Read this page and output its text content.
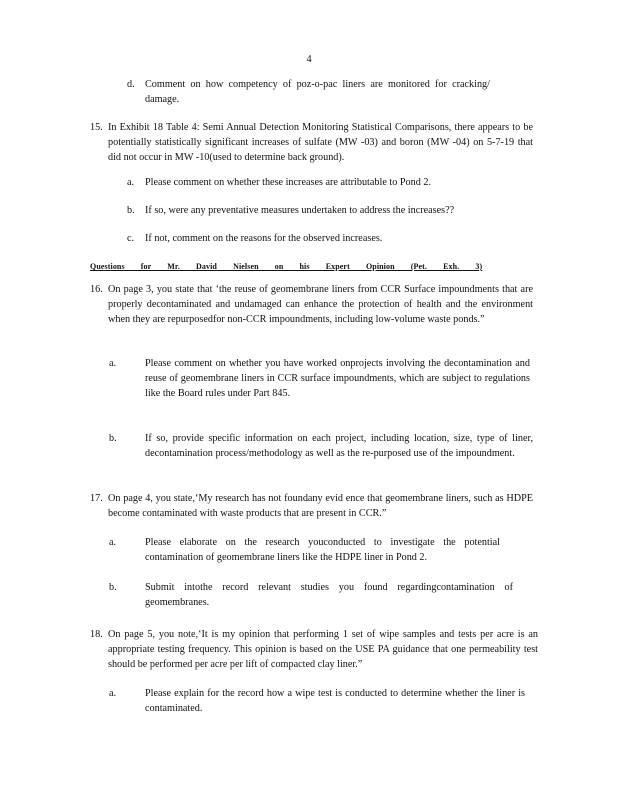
4
d. Comment on how competency of poz-o-pac liners are monitored for cracking/ damage.
15. In Exhibit 18 Table 4: Semi Annual Detection Monitoring Statistical Comparisons, there appears to be potentially statistically significant increases of sulfate (MW -03) and boron (MW -04) on 5-7-19 that did not occur in MW -10(used to determine back ground).
a. Please comment on whether these increases are attributable to Pond 2.
b. If so, were any preventative measures undertaken to address the increases??
c. If not, comment on the reasons for the observed increases.
Questions for Mr. David Nielsen on his Expert Opinion (Pet. Exh. 3)
16. On page 3, you state that ‘the reuse of geomembrane liners from CCR Surface impoundments that are properly decontaminated and undamaged can enhance the protection of health and the environment when they are repurposedfor non-CCR impoundments, including low-volume waste ponds.”
a.	Please comment on whether you have worked onprojects involving the decontamination and reuse of geomembrane liners in CCR surface impoundments, which are subject to regulations like the Board rules under Part 845.
b.	If so, provide specific information on each project, including location, size, type of liner, decontamination process/methodology as well as the re-purposed use of the impoundment.
17. On page 4, you state,‘My research has not foundany evid ence that geomembrane liners, such as HDPE become contaminated with waste products that are present in CCR.”
a.	Please elaborate on the research youconducted to investigate the potential contamination of geomembrane liners like the HDPE liner in Pond 2.
b.	Submit intothe record relevant studies you found regardingcontamination of geomembranes.
18. On page 5, you note,‘It is my opinion that performing 1 set of wipe samples and tests per acre is an appropriate testing frequency. This opinion is based on the USE PA guidance that one permeability test should be performed per acre per lift of compacted clay liner.”
a.	Please explain for the record how a wipe test is conducted to determine whether the liner is contaminated.
